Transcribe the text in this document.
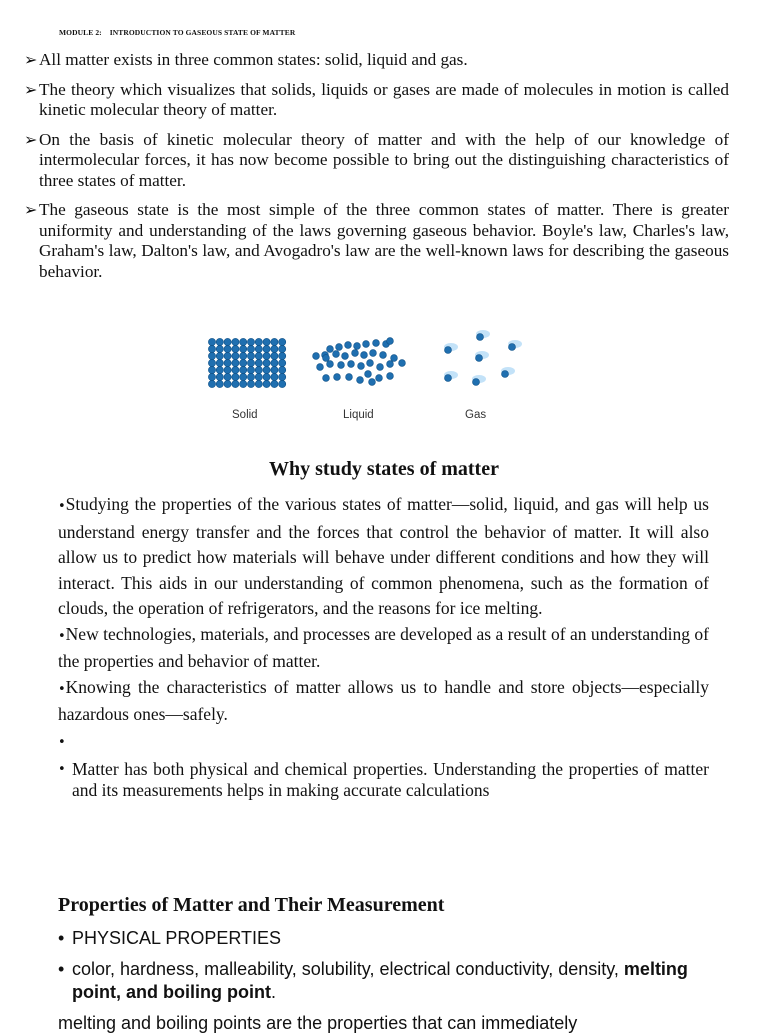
MODULE 2: INTRODUCTION TO GASEOUS STATE OF MATTER

➢ All matter exists in three common states: solid, liquid and gas.

➢ The theory which visualizes that solids, liquids or gases are made of molecules in motion is called kinetic molecular theory of matter.

➢ On the basis of kinetic molecular theory of matter and with the help of our knowledge of intermolecular forces, it has now become possible to bring out the distinguishing characteristics of three states of matter.

➢ The gaseous state is the most simple of the three common states of matter. There is greater uniformity and understanding of the laws governing gaseous behavior. Boyle's law, Charles's law, Graham's law, Dalton's law, and Avogadro's law are the well-known laws for describing the gaseous behavior.

Solid	Liquid	Gas
Why study states of matter

•Studying the properties of the various states of matter—solid, liquid, and gas will help us understand energy transfer and the forces that control the behavior of matter. It will also allow us to predict how materials will behave under different conditions and how they will interact. This aids in our understanding of common phenomena, such as the formation of clouds, the operation of refrigerators, and the reasons for ice melting.

•New technologies, materials, and processes are developed as a result of an understanding of the properties and behavior of matter.

•Knowing the characteristics of matter allows us to handle and store objects—especially hazardous ones—safely.

•

• Matter has both physical and chemical properties. Understanding the properties of matter and its measurements helps in making accurate calculations

Properties of Matter and Their Measurement
• PHYSICAL PROPERTIES
• color, hardness, malleability, solubility, electrical conductivity, density, melting point, and boiling point.
melting and boiling points are the properties that can immediately
